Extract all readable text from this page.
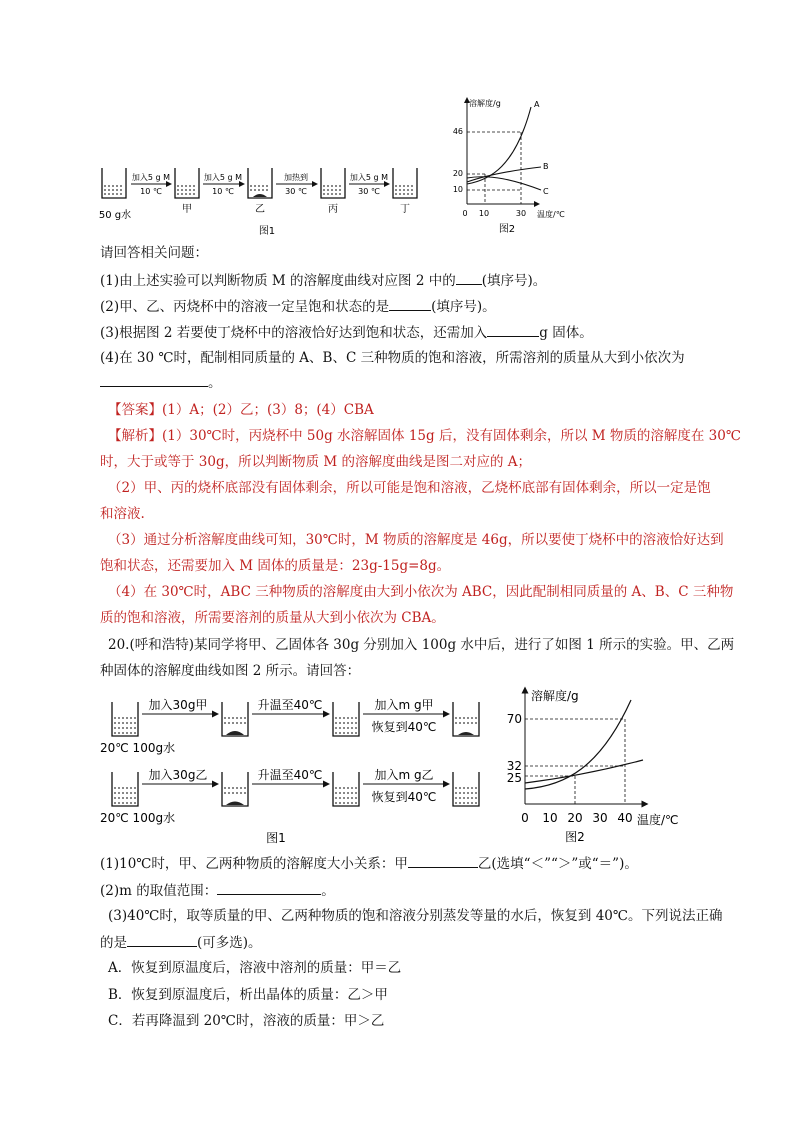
加入5 g M
10 ℃
加入5 g M
10 ℃
加热到
30 ℃
加入5 g M
30 ℃
50 g水
甲	乙	丙	丁
图1
溶解度/g
温度/℃
0 10	30
46
20
10
A
B
C
图2
请回答相关问题：
(1)由上述实验可以判断物质 M 的溶解度曲线对应图 2 中的 (填序号)。
(2)甲、乙、丙烧杯中的溶液一定呈饱和状态的是	(填序号)。
(3)根据图 2 若要使丁烧杯中的溶液恰好达到饱和状态，还需加入	g 固体。
(4)在 30 ℃时，配制相同质量的 A、B、C 三种物质的饱和溶液，所需溶剂的质量从大到小依次为
。
【答案】(1）A；(2）乙；(3）8；(4）CBA
【解析】(1）30℃时，丙烧杯中 50g 水溶解固体 15g 后，没有固体剩余，所以 M 物质的溶解度在 30℃
时，大于或等于 30g，所以判断物质 M 的溶解度曲线是图二对应的 A；
（2）甲、丙的烧杯底部没有固体剩余，所以可能是饱和溶液，乙烧杯底部有固体剩余，所以一定是饱
和溶液.
（3）通过分析溶解度曲线可知，30℃时，M 物质的溶解度是 46g，所以要使丁烧杯中的溶液恰好达到
饱和状态，还需要加入 M 固体的质量是：23g-15g=8g。
（4）在 30℃时，ABC 三种物质的溶解度由大到小依次为 ABC，因此配制相同质量的 A、B、C 三种物
质的饱和溶液，所需要溶剂的质量从大到小依次为 CBA。
20.(呼和浩特)某同学将甲、乙固体各 30g 分别加入 100g 水中后，进行了如图 1 所示的实验。甲、乙两
种固体的溶解度曲线如图 2 所示。请回答：
加入30g甲	升温至40℃	加入m g甲
恢复到40℃
20℃ 100g水
加入30g乙	升温至40℃	加入m g乙
恢复到40℃
20℃ 100g水
图1
溶解度/g
温度/℃
0 10 20 30 40
70
32
25
图2
(1)10℃时，甲、乙两种物质的溶解度大小关系：甲	乙(选填“＜”“＞”或“＝”)。
(2)m 的取值范围：	。
(3)40℃时，取等质量的甲、乙两种物质的饱和溶液分别蒸发等量的水后，恢复到 40℃。下列说法正确
的是	(可多选)。
A．恢复到原温度后，溶液中溶剂的质量：甲＝乙
B．恢复到原温度后，析出晶体的质量：乙＞甲
C．若再降温到 20℃时，溶液的质量：甲＞乙
